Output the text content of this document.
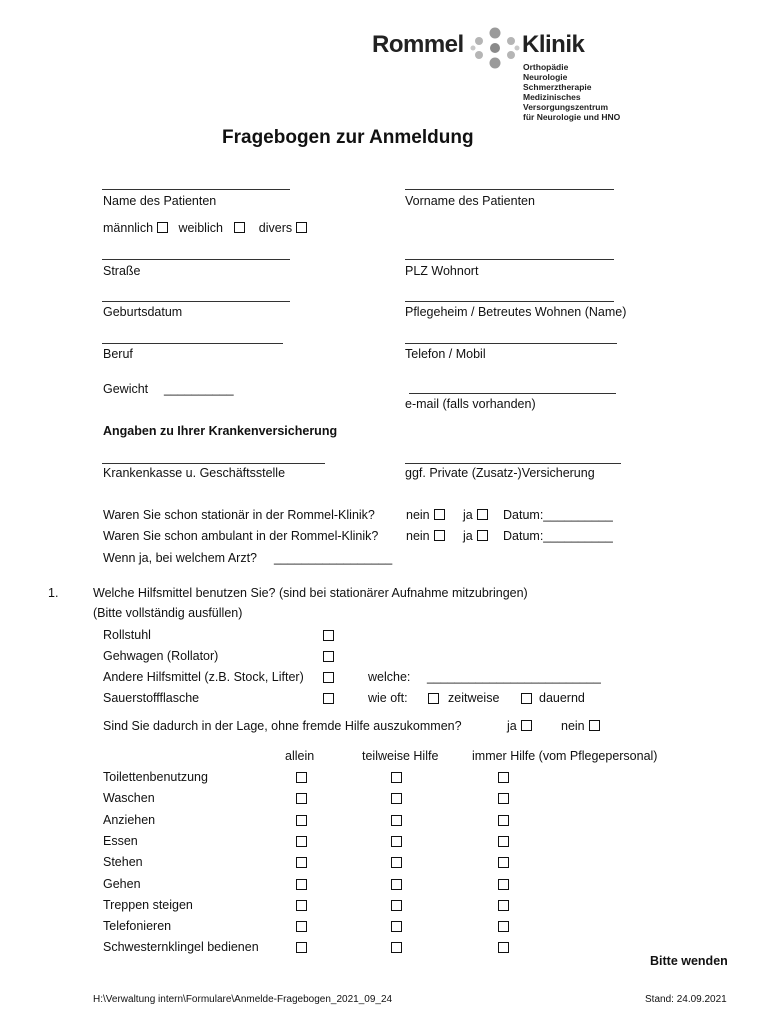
Rommel Klinik
Orthopädie
Neurologie
Schmerztherapie
Medizinisches
Versorgungszentrum
für Neurologie und HNO
Fragebogen zur Anmeldung
Name des Patienten	Vorname des Patienten
männlich weiblich	divers
Straße	PLZ Wohnort
Geburtsdatum	Pflegeheim / Betreutes Wohnen (Name)
Beruf	Telefon / Mobil
Gewicht __________
e-mail (falls vorhanden)
Angaben zu Ihrer Krankenversicherung
Krankenkasse u. Geschäftsstelle	ggf. Private (Zusatz-)Versicherung
Waren Sie schon stationär in der Rommel-Klinik? nein	ja	Datum:__________
Waren Sie schon ambulant in der Rommel-Klinik? nein	ja	Datum:__________
Wenn ja, bei welchem Arzt? _________________
1.	Welche Hilfsmittel benutzen Sie? (sind bei stationärer Aufnahme mitzubringen)
(Bitte vollständig ausfüllen)
Rollstuhl
Gehwagen (Rollator)
Andere Hilfsmittel (z.B. Stock, Lifter)	welche: _________________________
Sauerstoffflasche	wie oft:	zeitweise	dauernd
Sind Sie dadurch in der Lage, ohne fremde Hilfe auszukommen?	ja	nein
allein	teilweise Hilfe	immer Hilfe (vom Pflegepersonal)
Toilettenbenutzung
Waschen
Anziehen
Essen
Stehen
Gehen
Treppen steigen
Telefonieren
Schwesternklingel bedienen
Bitte wenden
H:\Verwaltung intern\Formulare\Anmelde-Fragebogen_2021_09_24	Stand: 24.09.2021
